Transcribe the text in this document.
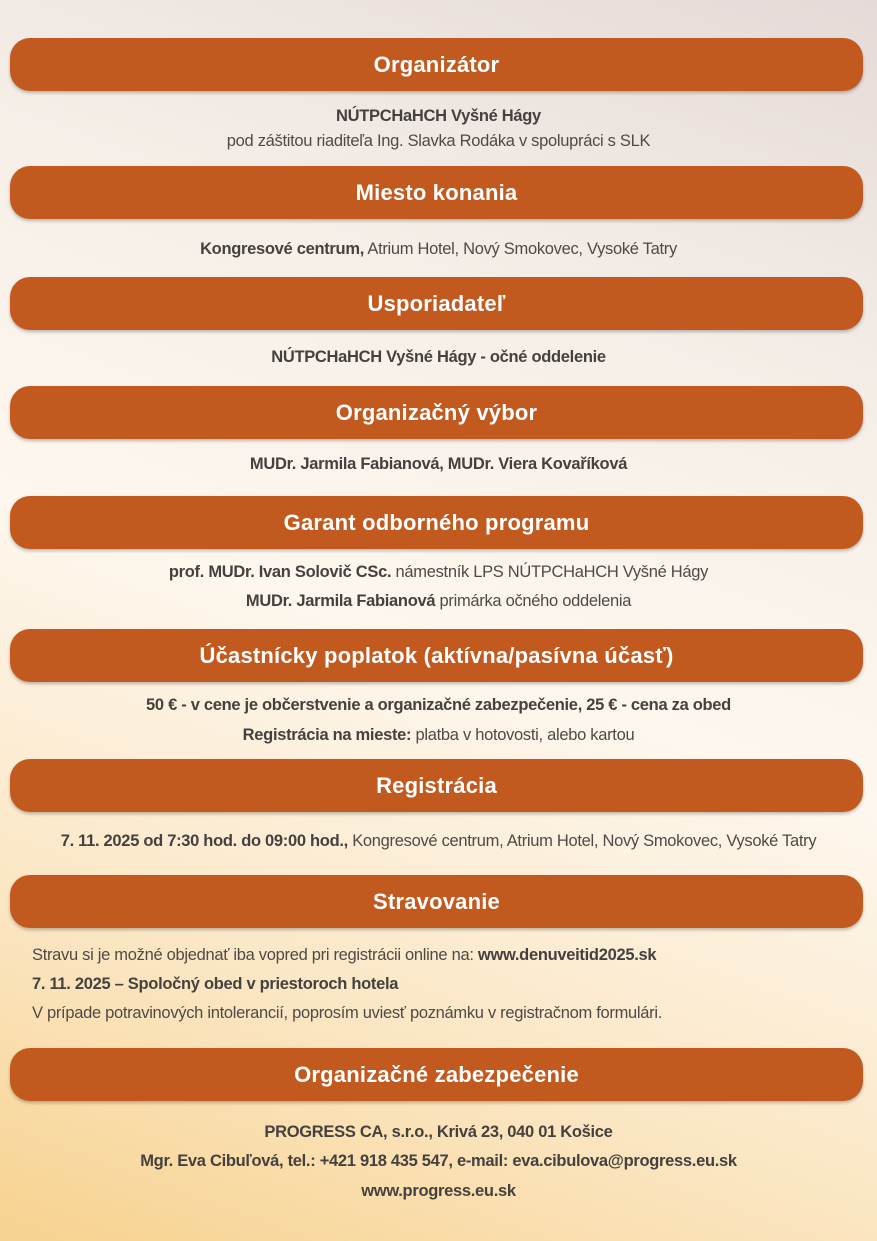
Organizátor
NÚTPCHaHCH Vyšné Hágy
pod záštitou riaditeľa Ing. Slavka Rodáka v spolupráci s SLK
Miesto konania
Kongresové centrum, Atrium Hotel, Nový Smokovec, Vysoké Tatry
Usporiadateľ
NÚTPCHaHCH Vyšné Hágy - očné oddelenie
Organizačný výbor
MUDr. Jarmila Fabianová, MUDr. Viera Kovaříková
Garant odborného programu
prof. MUDr. Ivan Solovič CSc. námestník LPS NÚTPCHaHCH Vyšné Hágy
MUDr. Jarmila Fabianová primárka očného oddelenia
Účastnícky poplatok (aktívna/pasívna účasť)
50 € - v cene je občerstvenie a organizačné zabezpečenie, 25 € - cena za obed
Registrácia na mieste: platba v hotovosti, alebo kartou
Registrácia
7. 11. 2025 od 7:30 hod. do 09:00 hod., Kongresové centrum, Atrium Hotel, Nový Smokovec, Vysoké Tatry
Stravovanie
Stravu si je možné objednať iba vopred pri registrácii online na: www.denuveitid2025.sk
7. 11. 2025 – Spoločný obed v priestoroch hotela
V prípade potravinových intolerancií, poprosím uviesť poznámku v registračnom formulári.
Organizačné zabezpečenie
PROGRESS CA, s.r.o., Krivá 23, 040 01 Košice
Mgr. Eva Cibuľová, tel.: +421 918 435 547, e-mail: eva.cibulova@progress.eu.sk
www.progress.eu.sk
